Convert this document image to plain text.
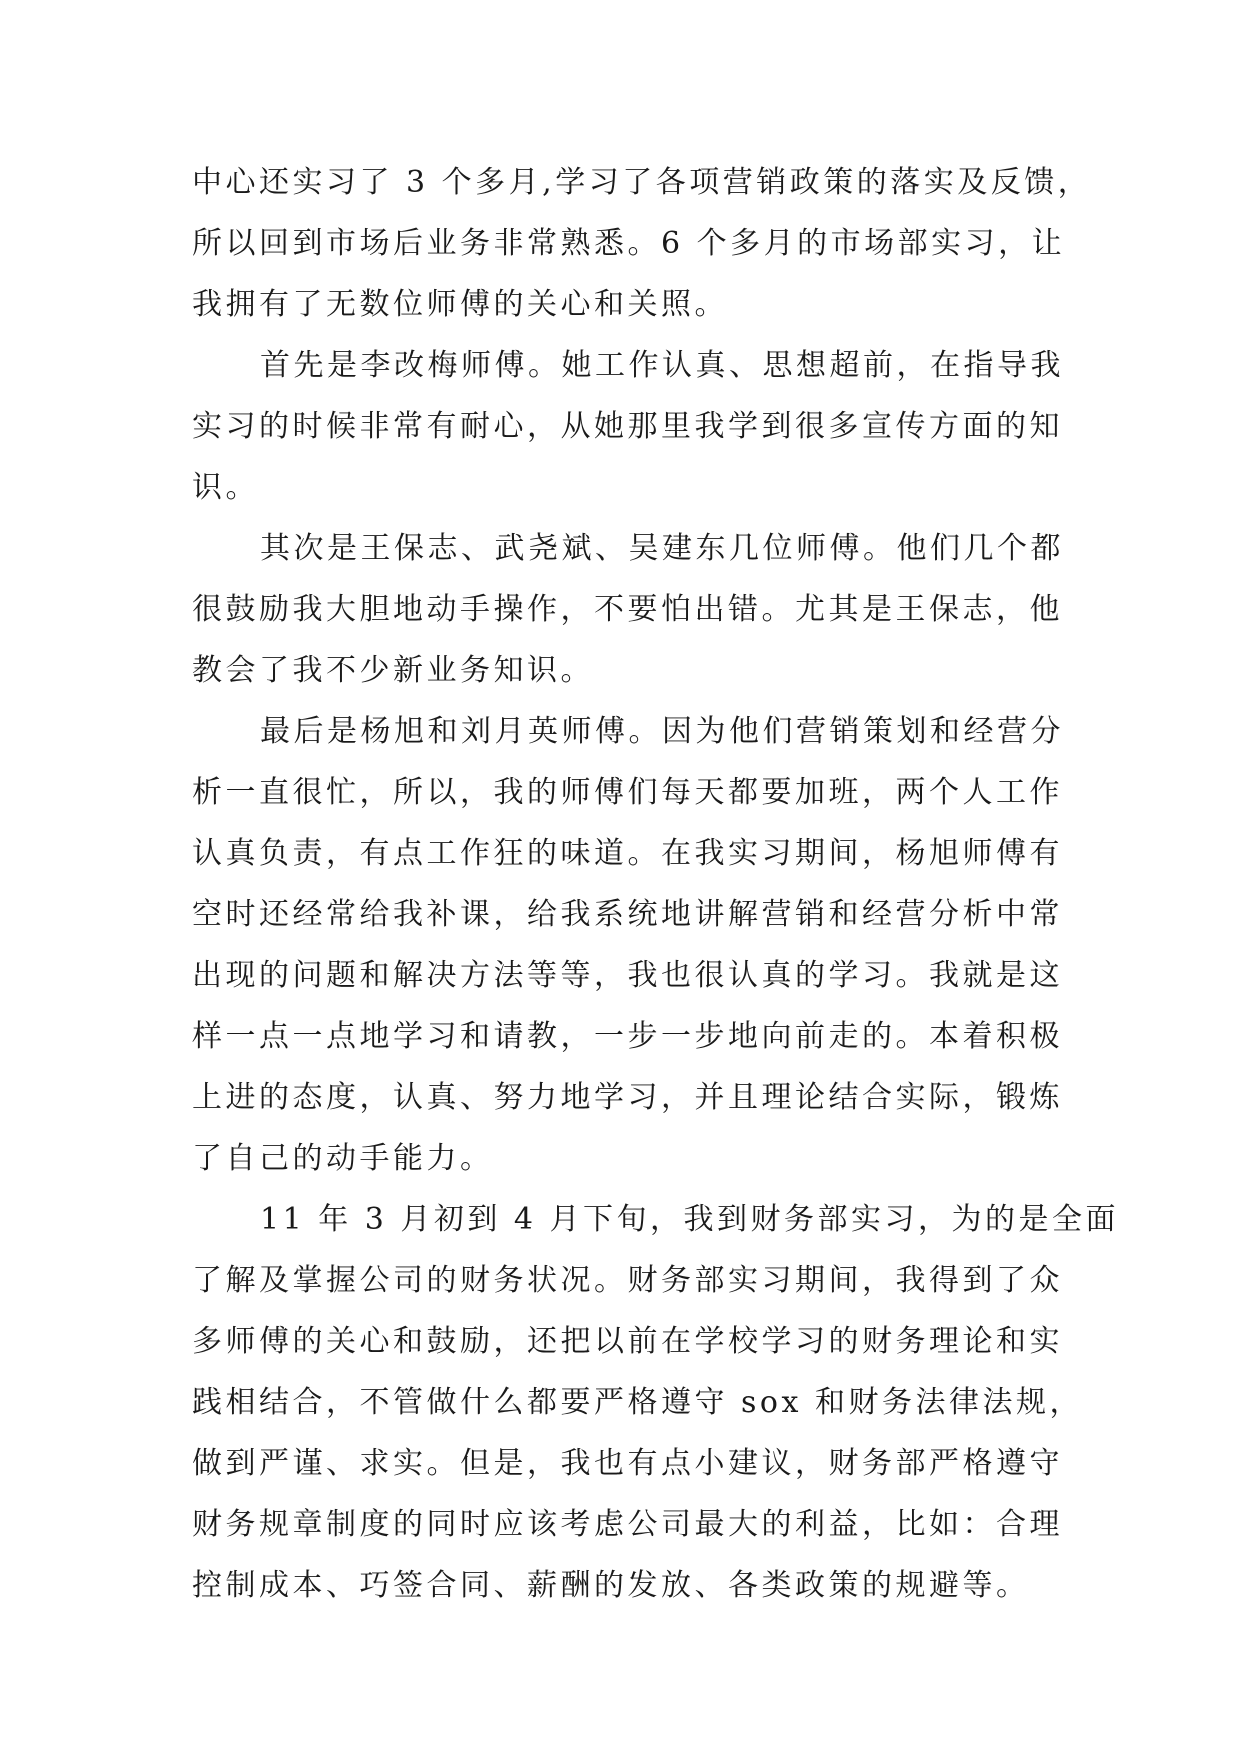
中心还实习了 3 个多月,学习了各项营销政策的落实及反馈，
所以回到市场后业务非常熟悉。6 个多月的市场部实习，让
我拥有了无数位师傅的关心和关照。
首先是李改梅师傅。她工作认真、思想超前，在指导我
实习的时候非常有耐心，从她那里我学到很多宣传方面的知
识。
其次是王保志、武尧斌、吴建东几位师傅。他们几个都
很鼓励我大胆地动手操作，不要怕出错。尤其是王保志，他
教会了我不少新业务知识。
最后是杨旭和刘月英师傅。因为他们营销策划和经营分
析一直很忙，所以，我的师傅们每天都要加班，两个人工作
认真负责，有点工作狂的味道。在我实习期间，杨旭师傅有
空时还经常给我补课，给我系统地讲解营销和经营分析中常
出现的问题和解决方法等等，我也很认真的学习。我就是这
样一点一点地学习和请教，一步一步地向前走的。本着积极
上进的态度，认真、努力地学习，并且理论结合实际，锻炼
了自己的动手能力。
11 年 3 月初到 4 月下旬，我到财务部实习，为的是全面
了解及掌握公司的财务状况。财务部实习期间，我得到了众
多师傅的关心和鼓励，还把以前在学校学习的财务理论和实
践相结合，不管做什么都要严格遵守 sox 和财务法律法规，
做到严谨、求实。但是，我也有点小建议，财务部严格遵守
财务规章制度的同时应该考虑公司最大的利益，比如：合理
控制成本、巧签合同、薪酬的发放、各类政策的规避等。
